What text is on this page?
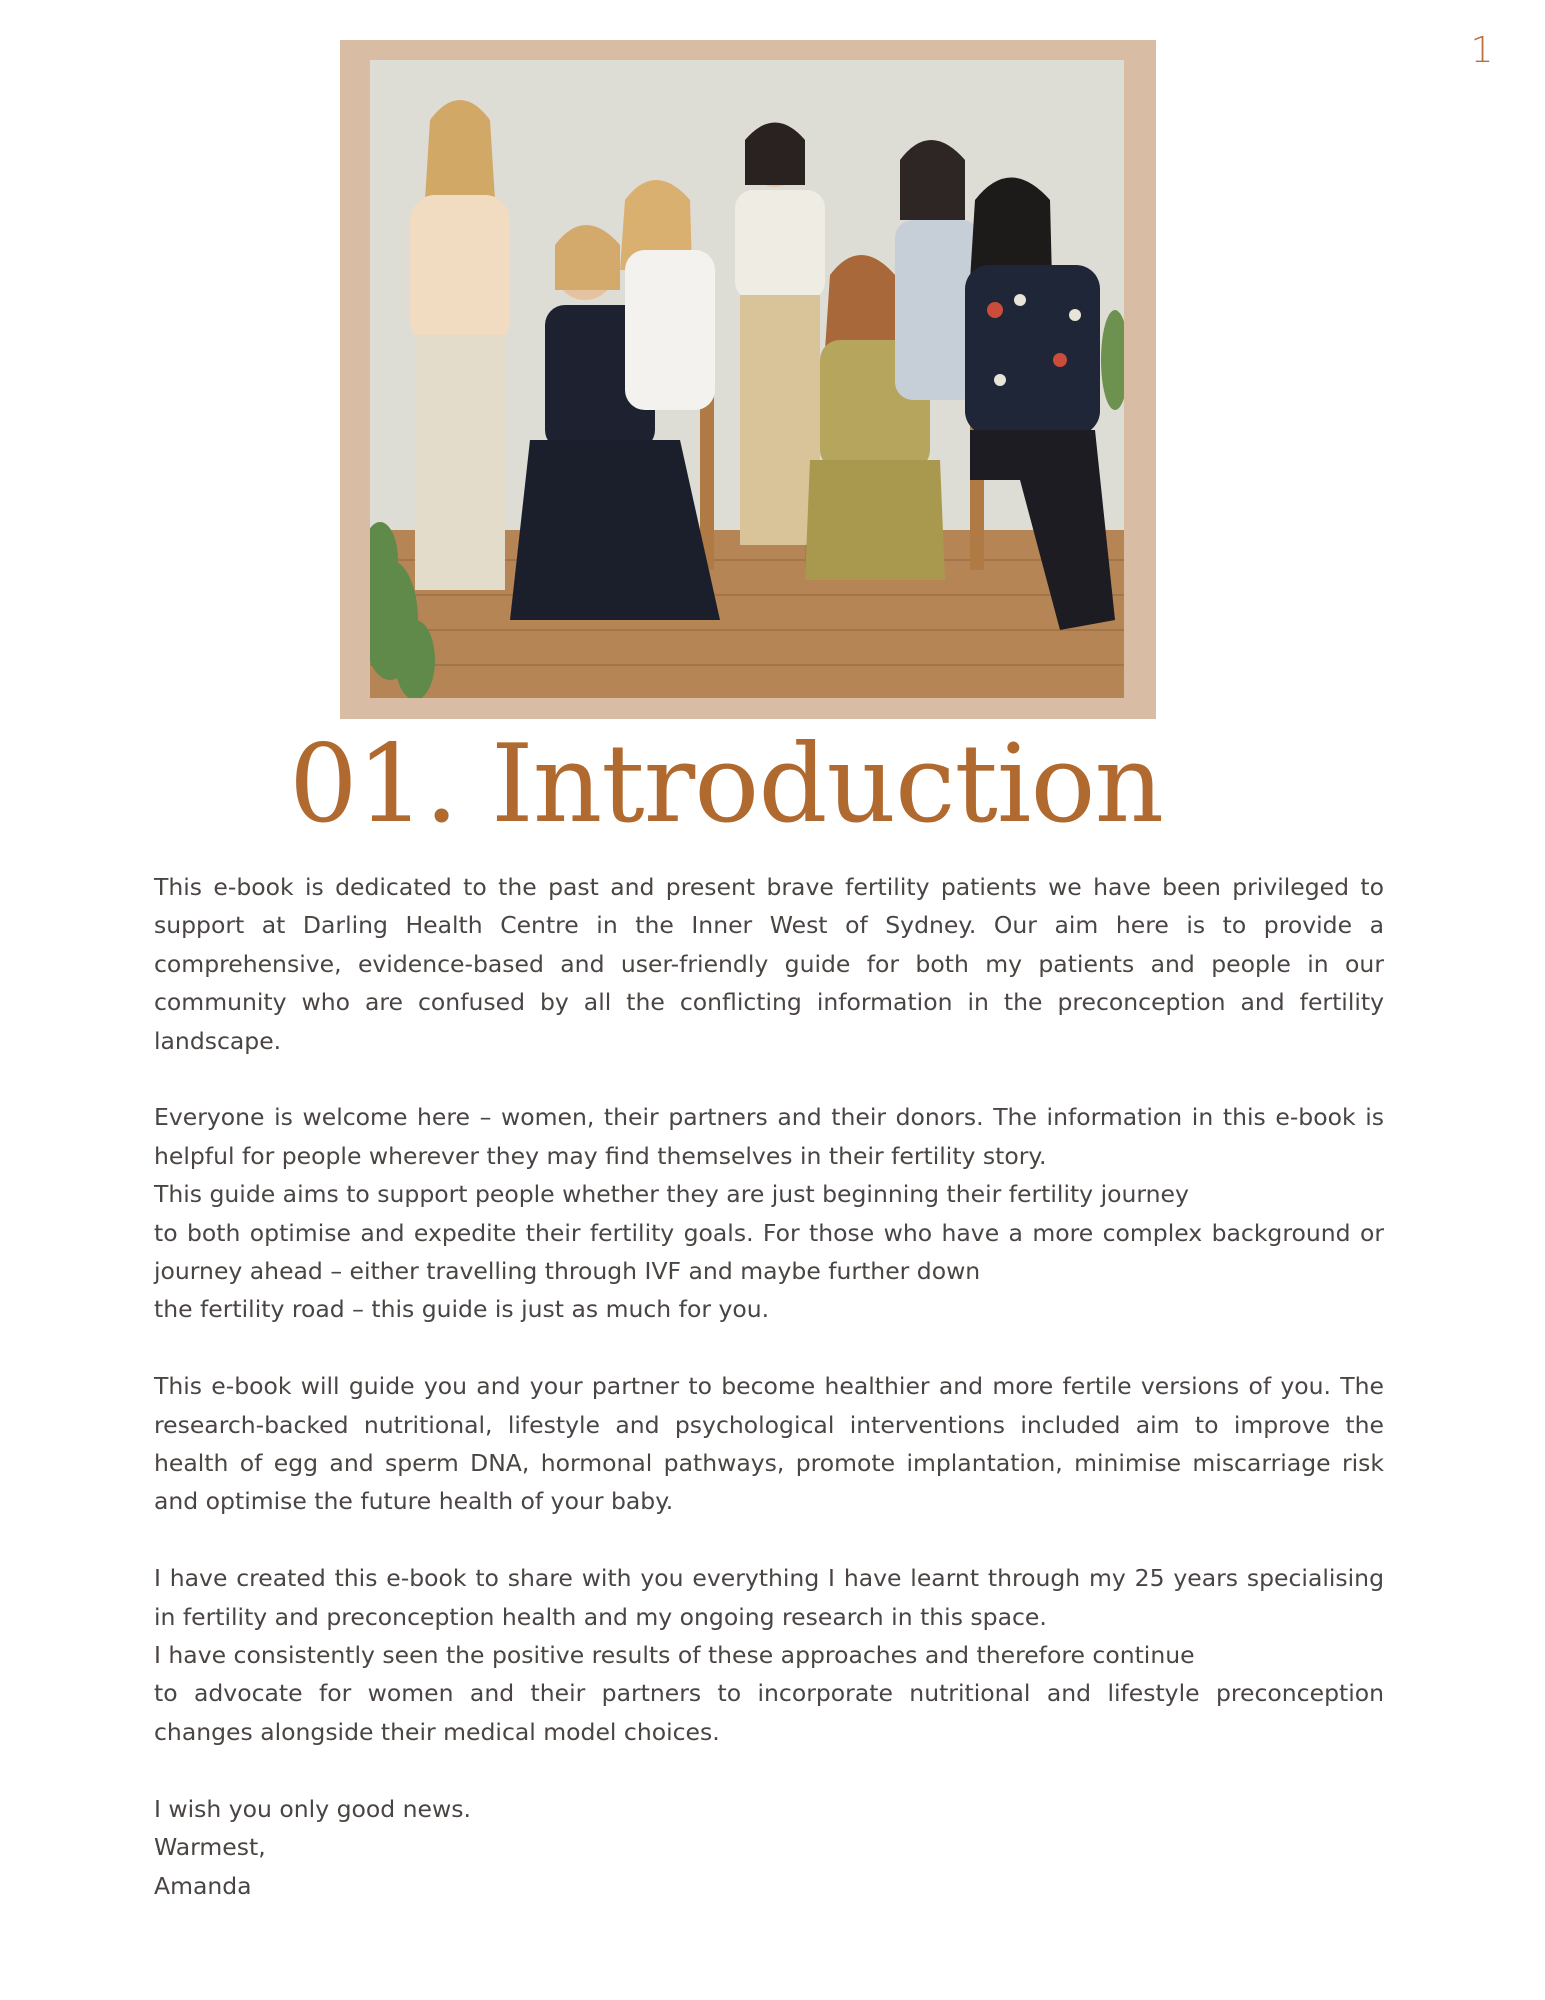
1
01. Introduction
This e-book is dedicated to the past and present brave fertility patients we have been privileged to
support at Darling Health Centre in the Inner West of Sydney. Our aim here is to provide a
comprehensive, evidence-based and user-friendly guide for both my patients and people in our
community who are confused by all the conflicting information in the preconception and fertility
landscape.
Everyone is welcome here – women, their partners and their donors. The information in this e-book is
helpful for people wherever they may find themselves in their fertility story.
This guide aims to support people whether they are just beginning their fertility journey
to both optimise and expedite their fertility goals. For those who have a more complex background or
journey ahead – either travelling through IVF and maybe further down
the fertility road – this guide is just as much for you.
This e-book will guide you and your partner to become healthier and more fertile versions of you. The
research-backed nutritional, lifestyle and psychological interventions included aim to improve the
health of egg and sperm DNA, hormonal pathways, promote implantation, minimise miscarriage risk
and optimise the future health of your baby.
I have created this e-book to share with you everything I have learnt through my 25 years specialising
in fertility and preconception health and my ongoing research in this space.
I have consistently seen the positive results of these approaches and therefore continue
to advocate for women and their partners to incorporate nutritional and lifestyle preconception
changes alongside their medical model choices.
I wish you only good news.
Warmest,
Amanda
